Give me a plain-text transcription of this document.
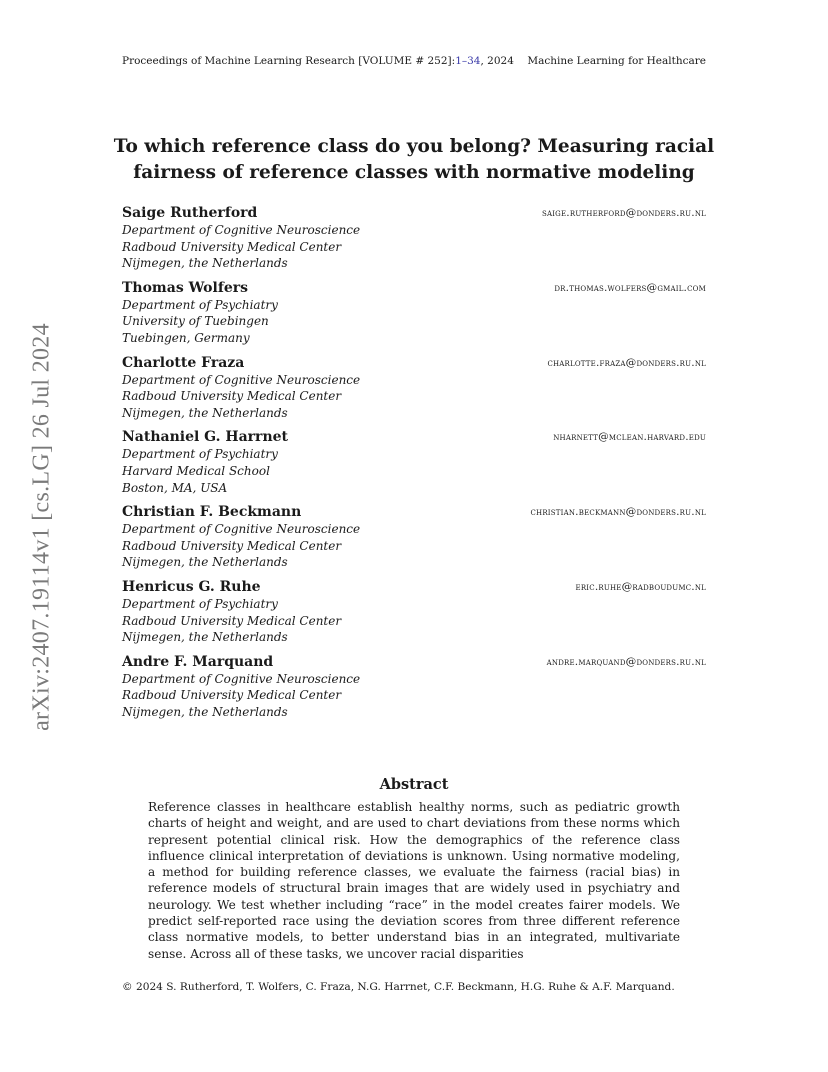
Proceedings of Machine Learning Research [VOLUME # 252]:1–34, 2024 Machine Learning for Healthcare
arXiv:2407.19114v1 [cs.LG] 26 Jul 2024
To which reference class do you belong? Measuring racial fairness of reference classes with normative modeling
Saige Rutherford	saige.rutherford@donders.ru.nl
Department of Cognitive Neuroscience
Radboud University Medical Center
Nijmegen, the Netherlands
Thomas Wolfers	dr.thomas.wolfers@gmail.com
Department of Psychiatry
University of Tuebingen
Tuebingen, Germany
Charlotte Fraza	charlotte.fraza@donders.ru.nl
Department of Cognitive Neuroscience
Radboud University Medical Center
Nijmegen, the Netherlands
Nathaniel G. Harrnet	nharnett@mclean.harvard.edu
Department of Psychiatry
Harvard Medical School
Boston, MA, USA
Christian F. Beckmann	christian.beckmann@donders.ru.nl
Department of Cognitive Neuroscience
Radboud University Medical Center
Nijmegen, the Netherlands
Henricus G. Ruhe	eric.ruhe@radboudumc.nl
Department of Psychiatry
Radboud University Medical Center
Nijmegen, the Netherlands
Andre F. Marquand	andre.marquand@donders.ru.nl
Department of Cognitive Neuroscience
Radboud University Medical Center
Nijmegen, the Netherlands
Abstract
Reference classes in healthcare establish healthy norms, such as pediatric growth charts of height and weight, and are used to chart deviations from these norms which represent potential clinical risk. How the demographics of the reference class influence clinical interpretation of deviations is unknown. Using normative modeling, a method for building reference classes, we evaluate the fairness (racial bias) in reference models of structural brain images that are widely used in psychiatry and neurology. We test whether including “race” in the model creates fairer models. We predict self-reported race using the deviation scores from three different reference class normative models, to better understand bias in an integrated, multivariate sense. Across all of these tasks, we uncover racial disparities
© 2024 S. Rutherford, T. Wolfers, C. Fraza, N.G. Harrnet, C.F. Beckmann, H.G. Ruhe & A.F. Marquand.
